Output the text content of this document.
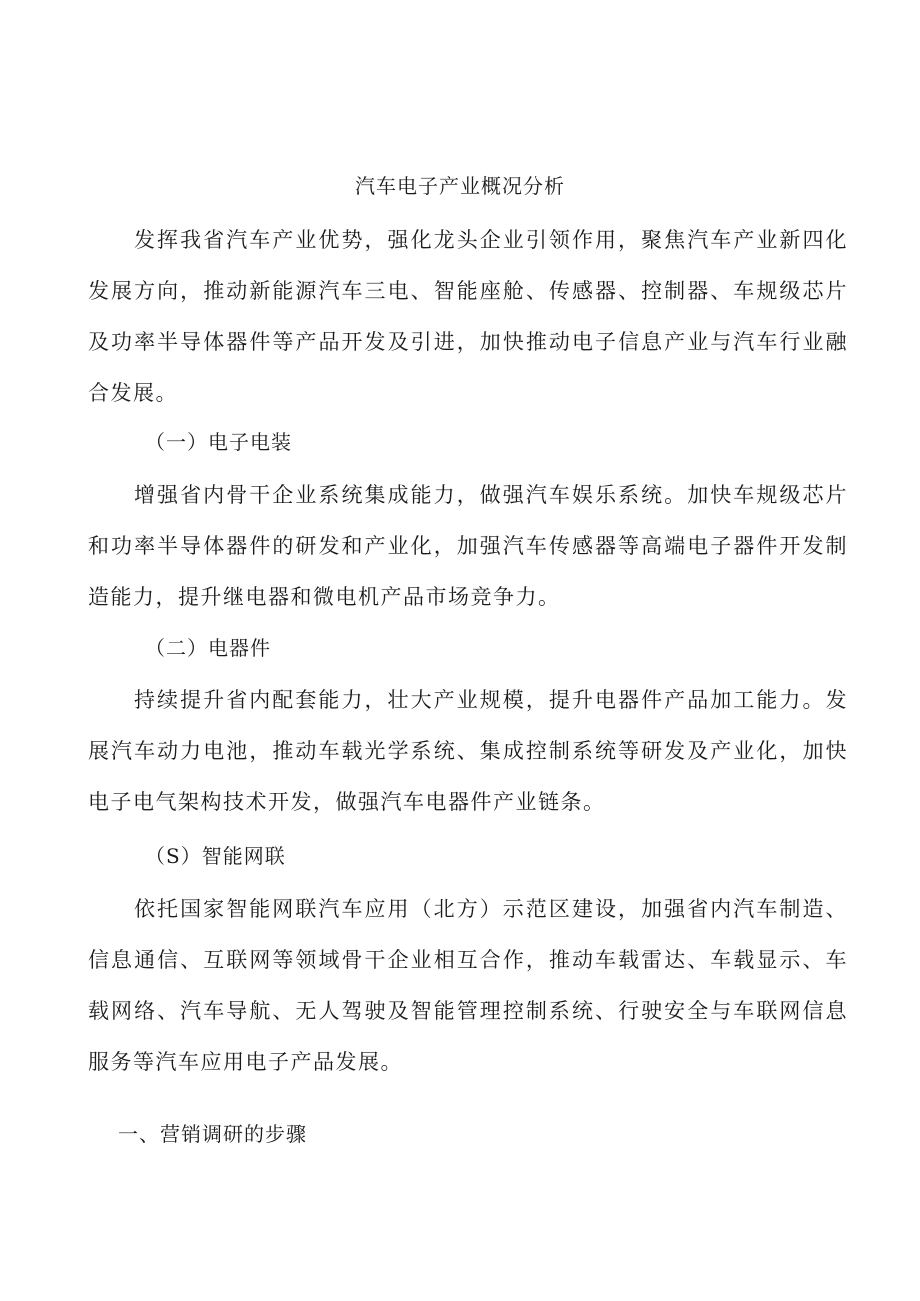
汽车电子产业概况分析

发挥我省汽车产业优势，强化龙头企业引领作用，聚焦汽车产业新四化发展方向，推动新能源汽车三电、智能座舱、传感器、控制器、车规级芯片及功率半导体器件等产品开发及引进，加快推动电子信息产业与汽车行业融合发展。

（一）电子电装

增强省内骨干企业系统集成能力，做强汽车娱乐系统。加快车规级芯片和功率半导体器件的研发和产业化，加强汽车传感器等高端电子器件开发制造能力，提升继电器和微电机产品市场竞争力。

（二）电器件

持续提升省内配套能力，壮大产业规模，提升电器件产品加工能力。发展汽车动力电池，推动车载光学系统、集成控制系统等研发及产业化，加快电子电气架构技术开发，做强汽车电器件产业链条。

（S）智能网联

依托国家智能网联汽车应用（北方）示范区建设，加强省内汽车制造、信息通信、互联网等领域骨干企业相互合作，推动车载雷达、车载显示、车载网络、汽车导航、无人驾驶及智能管理控制系统、行驶安全与车联网信息服务等汽车应用电子产品发展。

一、营销调研的步骤
